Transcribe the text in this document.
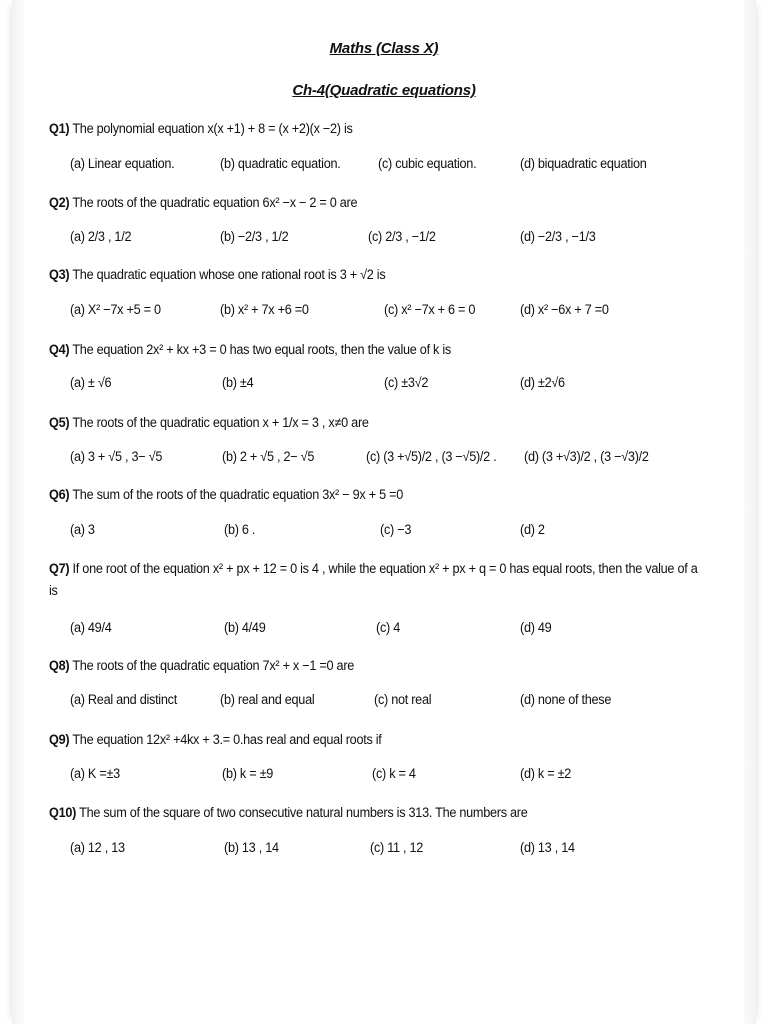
Maths (Class X)
Ch-4(Quadratic equations)
Q1) The polynomial equation x(x +1) + 8 = (x +2)(x −2) is
(a) Linear equation.	(b) quadratic equation.	(c) cubic equation.	(d) biquadratic equation
Q2) The roots of the quadratic equation 6x² −x − 2 = 0 are
(a) 2/3 , 1/2	(b) −2/3 , 1/2	(c) 2/3 , −1/2	(d) −2/3 , −1/3
Q3) The quadratic equation whose one rational root is 3 + √2 is
(a) X² −7x +5 = 0	(b) x² + 7x +6 =0	(c) x² −7x + 6 = 0	(d) x² −6x + 7 =0
Q4) The equation 2x² + kx +3 = 0 has two equal roots, then the value of k is
(a) ± √6	(b) ±4	(c) ±3√2	(d) ±2√6
Q5) The roots of the quadratic equation x + 1/x = 3 , x≠0 are
(a) 3 + √5 , 3− √5	(b) 2 + √5 , 2− √5	(c) (3 +√5)/2 , (3 −√5)/2 . (d) (3 +√3)/2 , (3 −√3)/2
Q6) The sum of the roots of the quadratic equation 3x² − 9x + 5 =0
(a) 3	(b) 6 .	(c) −3	(d) 2
Q7) If one root of the equation x² + px + 12 = 0 is 4 , while the equation x² + px + q = 0 has equal roots, then the value of a is
(a) 49/4	(b) 4/49	(c) 4	(d) 49
Q8) The roots of the quadratic equation 7x² + x −1 =0 are
(a) Real and distinct	(b) real and equal	(c) not real	(d) none of these
Q9) The equation 12x² +4kx + 3.= 0.has real and equal roots if
(a) K =±3	(b) k = ±9	(c) k = 4	(d) k = ±2
Q10) The sum of the square of two consecutive natural numbers is 313. The numbers are
(a) 12 , 13	(b) 13 , 14	(c) 11 , 12	(d) 13 , 14
